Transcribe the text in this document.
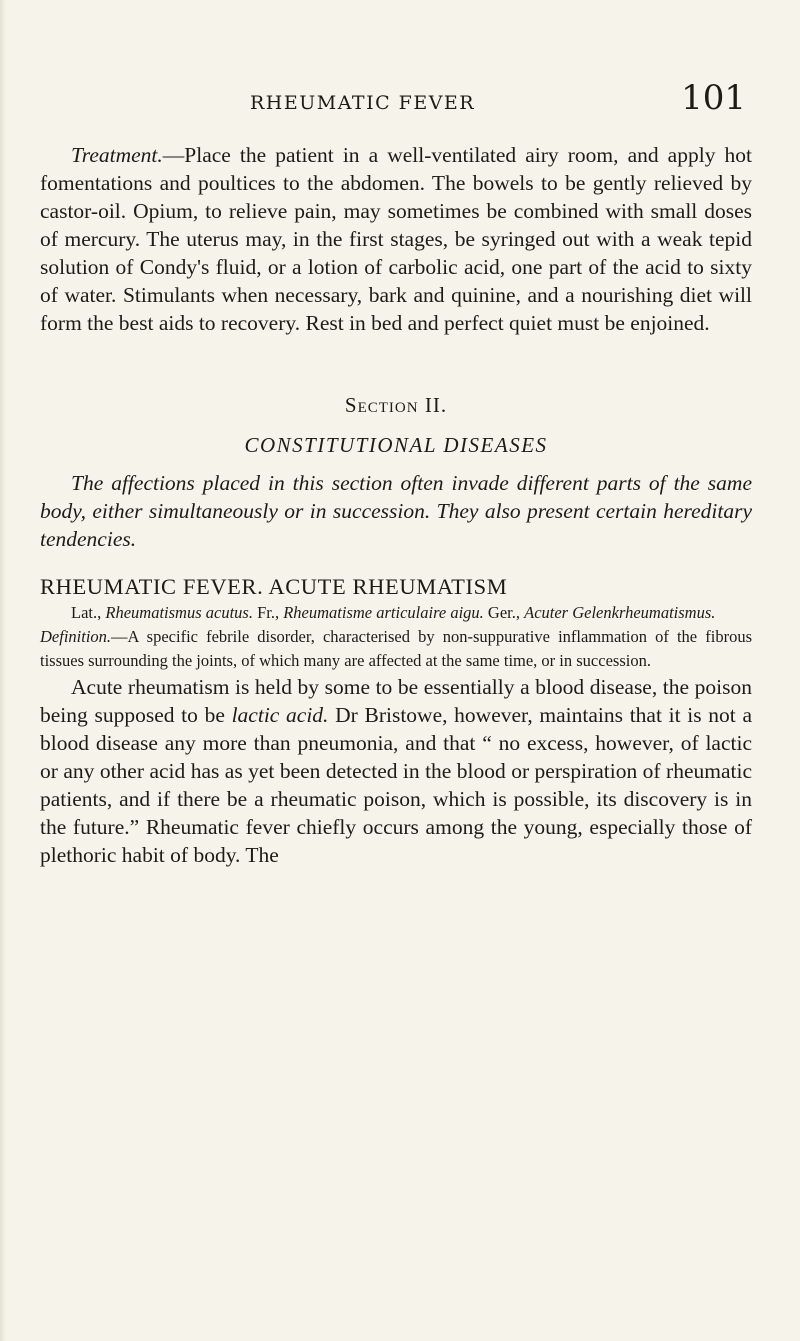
RHEUMATIC FEVER	101

Treatment.—Place the patient in a well-ventilated airy room, and apply hot fomentations and poultices to the abdomen. The bowels to be gently relieved by castor-oil. Opium, to relieve pain, may sometimes be combined with small doses of mercury. The uterus may, in the first stages, be syringed out with a weak tepid solution of Condy's fluid, or a lotion of carbolic acid, one part of the acid to sixty of water. Stimulants when necessary, bark and quinine, and a nourishing diet will form the best aids to recovery. Rest in bed and perfect quiet must be enjoined.

Section II.
CONSTITUTIONAL DISEASES

The affections placed in this section often invade different parts of the same body, either simultaneously or in succession. They also present certain hereditary tendencies.

RHEUMATIC FEVER. ACUTE RHEUMATISM

Lat., Rheumatismus acutus. Fr., Rheumatisme articulaire aigu. Ger., Acuter Gelenkrheumatismus.

Definition.—A specific febrile disorder, characterised by non-suppurative inflammation of the fibrous tissues surrounding the joints, of which many are affected at the same time, or in succession.

Acute rheumatism is held by some to be essentially a blood disease, the poison being supposed to be lactic acid. Dr Bristowe, however, maintains that it is not a blood disease any more than pneumonia, and that “ no excess, however, of lactic or any other acid has as yet been detected in the blood or perspiration of rheumatic patients, and if there be a rheumatic poison, which is possible, its discovery is in the future.” Rheumatic fever chiefly occurs among the young, especially those of plethoric habit of body. The
